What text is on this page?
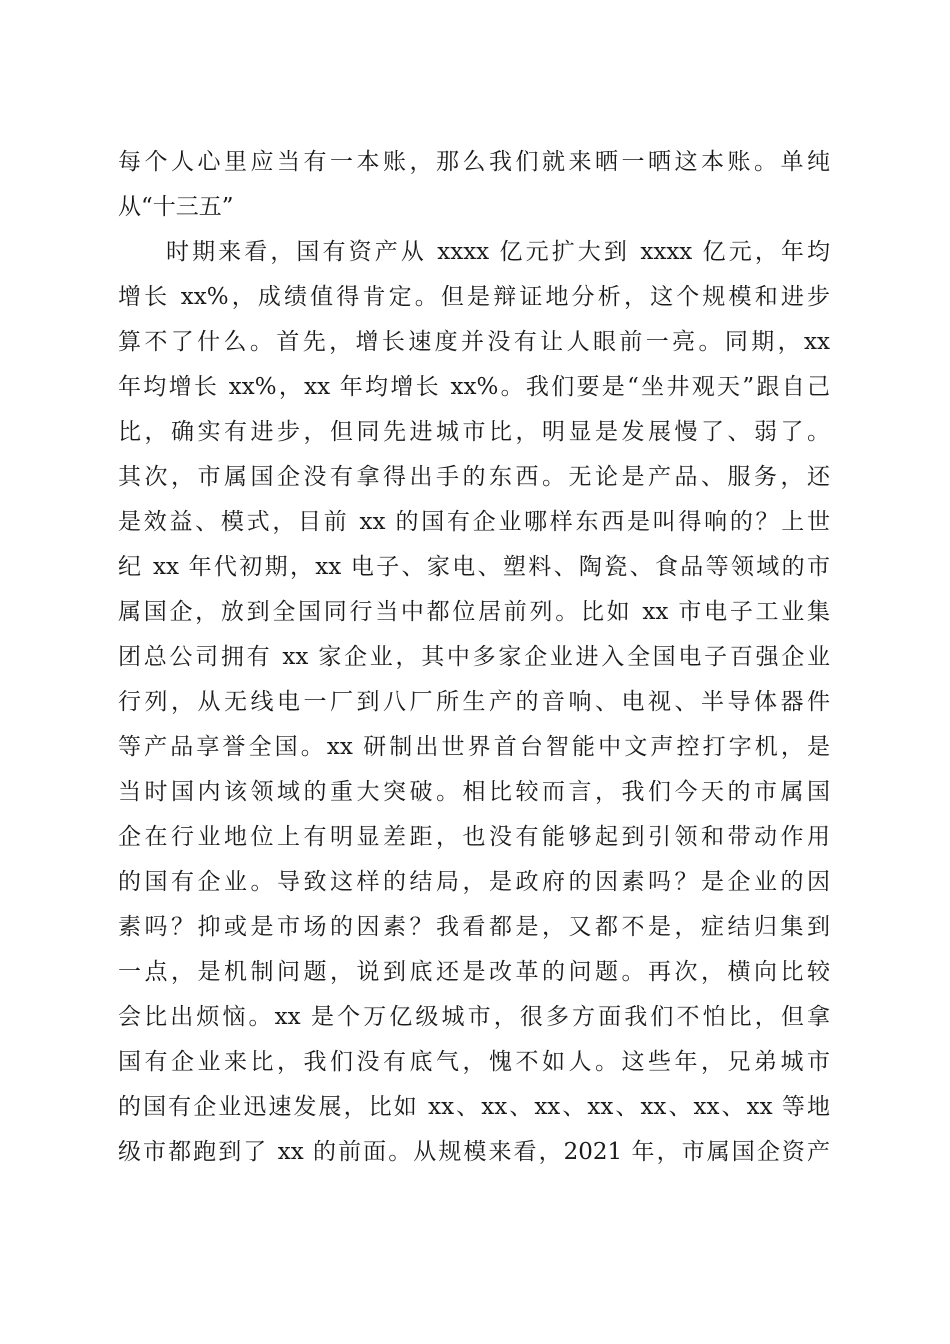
每个人心里应当有一本账，那么我们就来晒一晒这本账。单纯
从“十三五”
时期来看，国有资产从 xxxx 亿元扩大到 xxxx 亿元，年均
增长 xx%，成绩值得肯定。但是辩证地分析，这个规模和进步
算不了什么。首先，增长速度并没有让人眼前一亮。同期，xx
年均增长 xx%，xx 年均增长 xx%。我们要是“坐井观天”跟自己
比，确实有进步，但同先进城市比，明显是发展慢了、弱了。
其次，市属国企没有拿得出手的东西。无论是产品、服务，还
是效益、模式，目前 xx 的国有企业哪样东西是叫得响的？上世
纪 xx 年代初期，xx 电子、家电、塑料、陶瓷、食品等领域的市
属国企，放到全国同行当中都位居前列。比如 xx 市电子工业集
团总公司拥有 xx 家企业，其中多家企业进入全国电子百强企业
行列，从无线电一厂到八厂所生产的音响、电视、半导体器件
等产品享誉全国。xx 研制出世界首台智能中文声控打字机，是
当时国内该领域的重大突破。相比较而言，我们今天的市属国
企在行业地位上有明显差距，也没有能够起到引领和带动作用
的国有企业。导致这样的结局，是政府的因素吗？是企业的因
素吗？抑或是市场的因素？我看都是，又都不是，症结归集到
一点，是机制问题，说到底还是改革的问题。再次，横向比较
会比出烦恼。xx 是个万亿级城市，很多方面我们不怕比，但拿
国有企业来比，我们没有底气，愧不如人。这些年，兄弟城市
的国有企业迅速发展，比如 xx、xx、xx、xx、xx、xx、xx 等地
级市都跑到了 xx 的前面。从规模来看，2021 年，市属国企资产
